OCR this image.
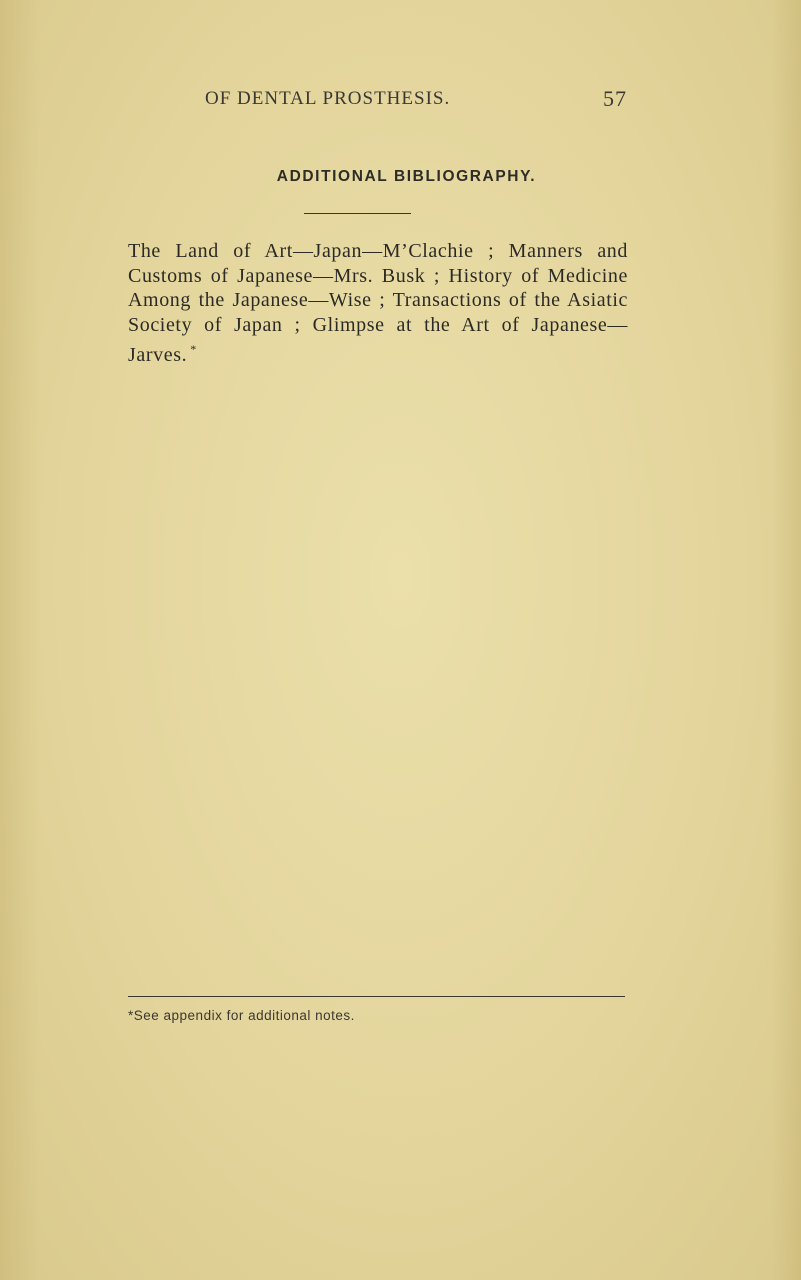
OF DENTAL PROSTHESIS.	57
ADDITIONAL BIBLIOGRAPHY.

The Land of Art—Japan—M’Clachie ; Manners and Customs of Japanese—Mrs. Busk ; History of Medicine Among the Japanese—Wise ; Transactions of the Asiatic Society of Japan ; Glimpse at the Art of Japanese—Jarves. *

*See appendix for additional notes.
